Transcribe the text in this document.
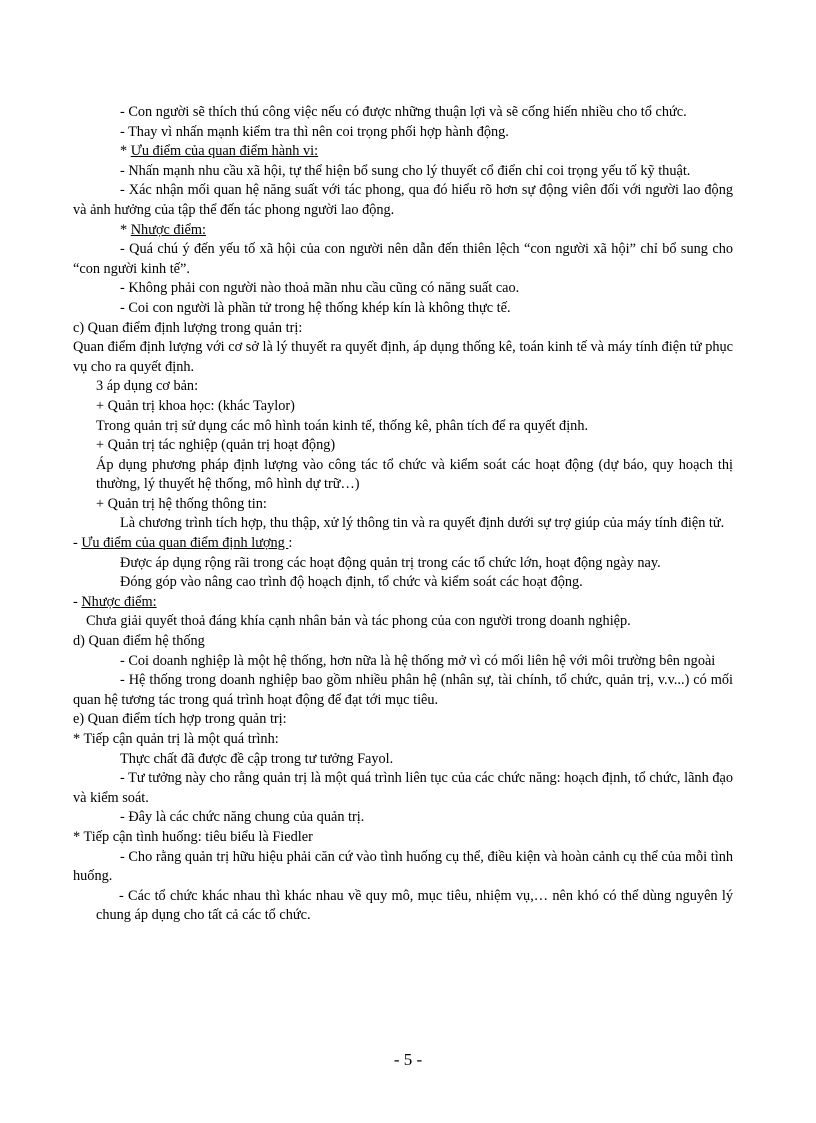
- Con người sẽ thích thú công việc nếu có được những thuận lợi và sẽ cống hiến nhiều cho tổ chức.

- Thay vì nhấn mạnh kiểm tra thì nên coi trọng phối hợp hành động.

* Ưu điểm của quan điểm hành vi:

- Nhấn mạnh nhu cầu xã hội, tự thể hiện bổ sung cho lý thuyết cổ điển chỉ coi trọng yếu tố kỹ thuật.

- Xác nhận mối quan hệ năng suất với tác phong, qua đó hiểu rõ hơn sự động viên đối với người lao động và ảnh hưởng của tập thể đến tác phong người lao động.

* Nhược điểm:

- Quá chú ý đến yếu tố xã hội của con người nên dẫn đến thiên lệch “con người xã hội” chỉ bổ sung cho “con người kinh tế”.

- Không phải con người nào thoả mãn nhu cầu cũng có năng suất cao.

- Coi con người là phần tử trong hệ thống khép kín là không thực tế.

c) Quan điểm định lượng trong quản trị:

Quan điểm định lượng với cơ sở là lý thuyết ra quyết định, áp dụng thống kê, toán kinh tế và máy tính điện tử phục vụ cho ra quyết định.

3 áp dụng cơ bản:

+ Quản trị khoa học: (khác Taylor)

Trong quản trị sử dụng các mô hình toán kinh tế, thống kê, phân tích để ra quyết định.

+ Quản trị tác nghiệp (quản trị hoạt động)

Áp dụng phương pháp định lượng vào công tác tổ chức và kiểm soát các hoạt động (dự báo, quy hoạch thị thường, lý thuyết hệ thống, mô hình dự trữ…)

+ Quản trị hệ thống thông tin:

Là chương trình tích hợp, thu thập, xử lý thông tin và ra quyết định dưới sự trợ giúp của máy tính điện tử.

- Ưu điểm của quan điểm định lượng :

Được áp dụng rộng rãi trong các hoạt động quản trị trong các tổ chức lớn, hoạt động ngày nay.

Đóng góp vào nâng cao trình độ hoạch định, tổ chức và kiểm soát các hoạt động.

- Nhược điểm:

Chưa giải quyết thoả đáng khía cạnh nhân bản và tác phong của con người trong doanh nghiệp.

d) Quan điểm hệ thống

- Coi doanh nghiệp là một hệ thống, hơn nữa là hệ thống mở vì có mối liên hệ với môi trường bên ngoài

- Hệ thống trong doanh nghiệp bao gồm nhiều phân hệ (nhân sự, tài chính, tổ chức, quản trị, v.v...) có mối quan hệ tương tác trong quá trình hoạt động để đạt tới mục tiêu.

e) Quan điểm tích hợp trong quản trị:

* Tiếp cận quản trị là một quá trình:

Thực chất đã được đề cập trong tư tưởng Fayol.

- Tư tưởng này cho rằng quản trị là một quá trình liên tục của các chức năng: hoạch định, tổ chức, lãnh đạo và kiểm soát.

- Đây là các chức năng chung của quản trị.

* Tiếp cận tình huống: tiêu biểu là Fiedler

- Cho rằng quản trị hữu hiệu phải căn cứ vào tình huống cụ thể, điều kiện và hoàn cảnh cụ thể của mỗi tình huống.

- Các tổ chức khác nhau thì khác nhau về quy mô, mục tiêu, nhiệm vụ,… nên khó có thể dùng nguyên lý chung áp dụng cho tất cả các tổ chức.

- 5 -
